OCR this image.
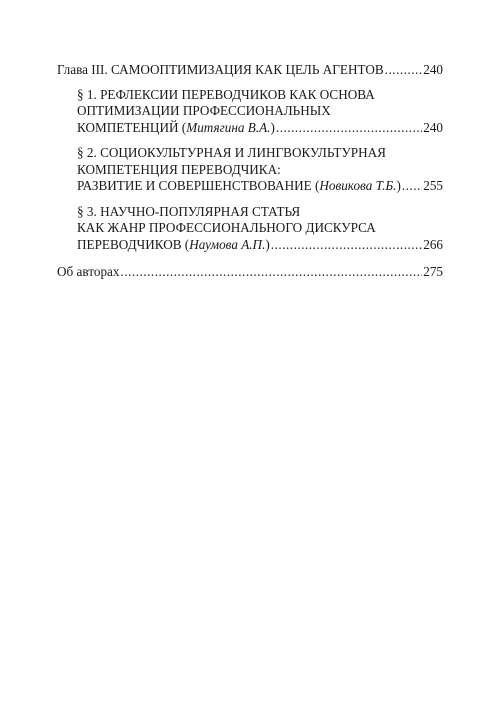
Глава III. САМООПТИМИЗАЦИЯ КАК ЦЕЛЬ АГЕНТОВ .....	240
§ 1. РЕФЛЕКСИИ ПЕРЕВОДЧИКОВ КАК ОСНОВА
ОПТИМИЗАЦИИ ПРОФЕССИОНАЛЬНЫХ
КОМПЕТЕНЦИЙ (Митягина В.А.) .....	240
§ 2. СОЦИОКУЛЬТУРНАЯ И ЛИНГВОКУЛЬТУРНАЯ
КОМПЕТЕНЦИЯ ПЕРЕВОДЧИКА:
РАЗВИТИЕ И СОВЕРШЕНСТВОВАНИЕ (Новикова Т.Б.) ..... 255
§ 3. НАУЧНО-ПОПУЛЯРНАЯ СТАТЬЯ
КАК ЖАНР ПРОФЕССИОНАЛЬНОГО ДИСКУРСА
ПЕРЕВОДЧИКОВ (Наумова А.П.) .....	266
Об авторах .....	275
